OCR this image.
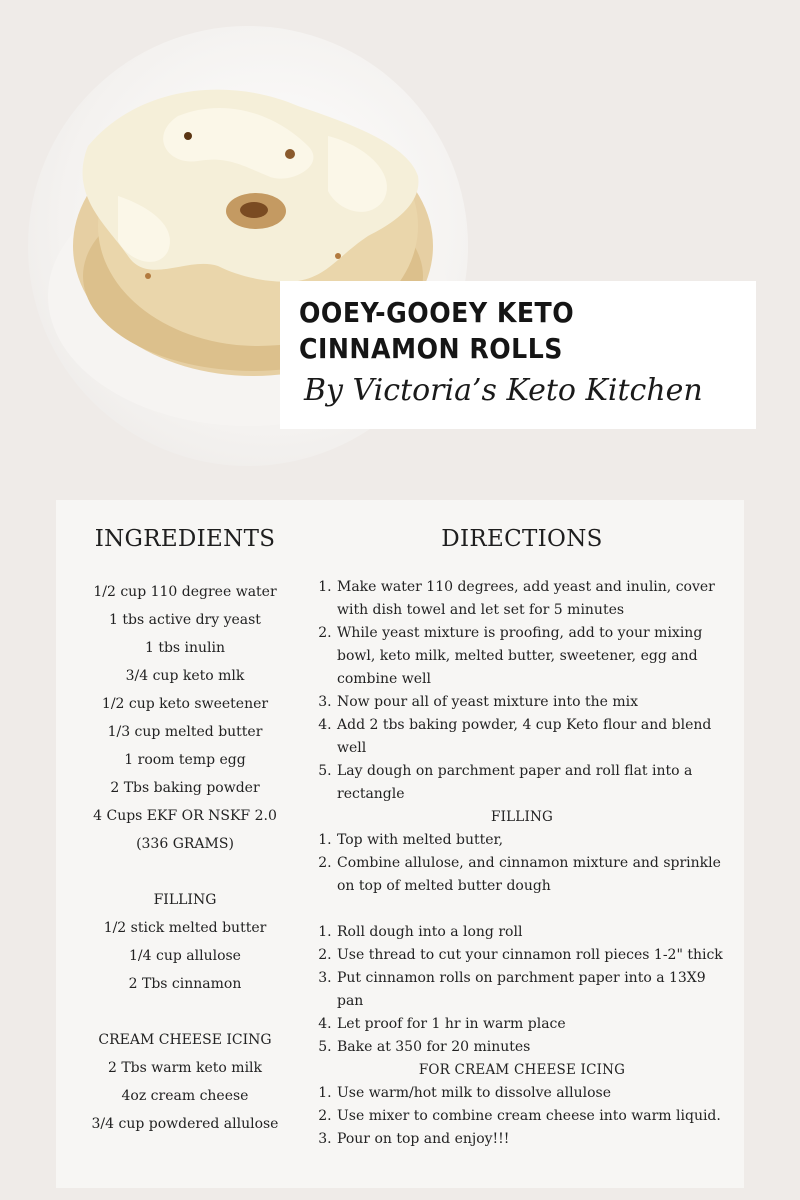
OOEY-GOOEY KETO CINNAMON ROLLS
By Victoria’s Keto Kitchen
INGREDIENTS
1/2 cup 110 degree water
1 tbs active dry yeast
1 tbs inulin
3/4 cup keto mlk
1/2 cup keto sweetener
1/3 cup melted butter
1 room temp egg
2 Tbs baking powder
4 Cups EKF OR NSKF 2.0
(336 GRAMS)
FILLING
1/2 stick melted butter
1/4 cup allulose
2 Tbs cinnamon
CREAM CHEESE ICING
2 Tbs warm keto milk
4oz cream cheese
3/4 cup powdered allulose
DIRECTIONS
1. Make water 110 degrees, add yeast and inulin, cover with dish towel and let set for 5 minutes
2. While yeast mixture is proofing, add to your mixing bowl, keto milk, melted butter, sweetener, egg and combine well
3. Now pour all of yeast mixture into the mix
4. Add 2 tbs baking powder, 4 cup Keto flour and blend well
5. Lay dough on parchment paper and roll flat into a rectangle
FILLING
1. Top with melted butter,
2. Combine allulose, and cinnamon mixture and sprinkle on top of melted butter dough
1. Roll dough into a long roll
2. Use thread to cut your cinnamon roll pieces 1-2" thick
3. Put cinnamon rolls on parchment paper into a 13X9 pan
4. Let proof for 1 hr in warm place
5. Bake at 350 for 20 minutes
FOR CREAM CHEESE ICING
1. Use warm/hot milk to dissolve allulose
2. Use mixer to combine cream cheese into warm liquid.
3. Pour on top and enjoy!!!
